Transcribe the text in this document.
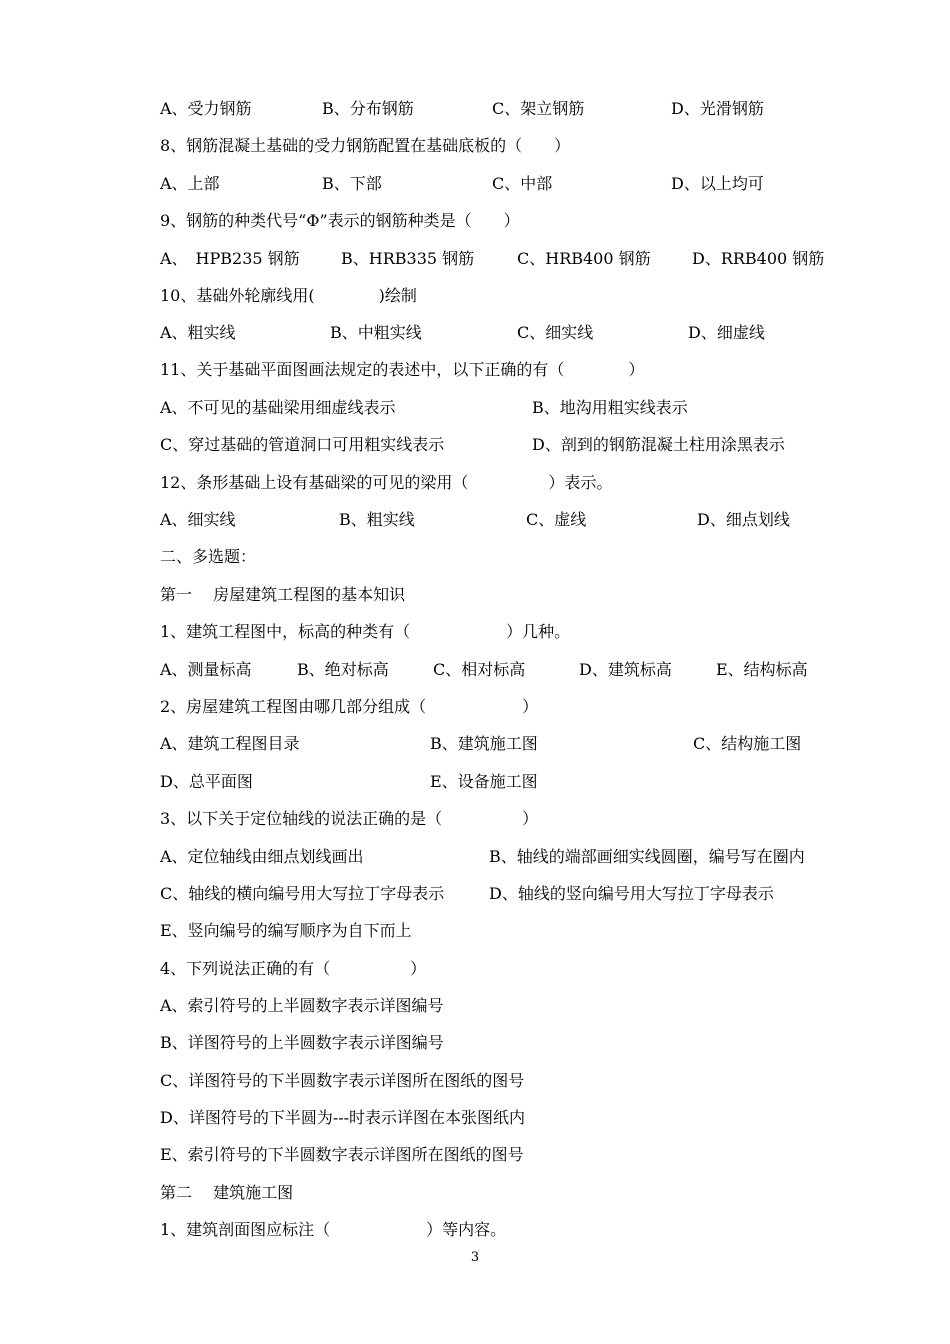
A、受力钢筋	B、分布钢筋	C、架立钢筋	D、光滑钢筋
8、钢筋混凝土基础的受力钢筋配置在基础底板的（　　）
A、上部	B、下部	C、中部	D、以上均可
9、钢筋的种类代号“Φ”表示的钢筋种类是（　　）
A、　HPB235 钢筋	B、HRB335 钢筋	C、HRB400 钢筋	D、RRB400 钢筋
10、基础外轮廓线用(　　　　)绘制
A、粗实线	B、中粗实线	C、细实线	D、细虚线
11、关于基础平面图画法规定的表述中，以下正确的有（　　　　）
A、不可见的基础梁用细虚线表示	B、地沟用粗实线表示
C、穿过基础的管道洞口可用粗实线表示	D、剖到的钢筋混凝土柱用涂黑表示
12、条形基础上设有基础梁的可见的梁用（　　　　　）表示。
A、细实线	B、粗实线	C、虚线	D、细点划线
二、多选题：
第一　 房屋建筑工程图的基本知识
1、建筑工程图中，标高的种类有（　　　　　　）几种。
A、测量标高	B、绝对标高	C、相对标高	D、建筑标高	E、结构标高
2、房屋建筑工程图由哪几部分组成（　　　　　　）
A、建筑工程图目录	B、建筑施工图	C、结构施工图
D、总平面图	E、设备施工图
3、以下关于定位轴线的说法正确的是（　　　　　）
A、定位轴线由细点划线画出	B、轴线的端部画细实线圆圈，编号写在圈内
C、轴线的横向编号用大写拉丁字母表示	D、轴线的竖向编号用大写拉丁字母表示
E、竖向编号的编写顺序为自下而上
4、下列说法正确的有（　　　　　）
A、索引符号的上半圆数字表示详图编号
B、详图符号的上半圆数字表示详图编号
C、详图符号的下半圆数字表示详图所在图纸的图号
D、详图符号的下半圆为---时表示详图在本张图纸内
E、索引符号的下半圆数字表示详图所在图纸的图号
第二　 建筑施工图
1、建筑剖面图应标注（　　　　　　）等内容。
3
